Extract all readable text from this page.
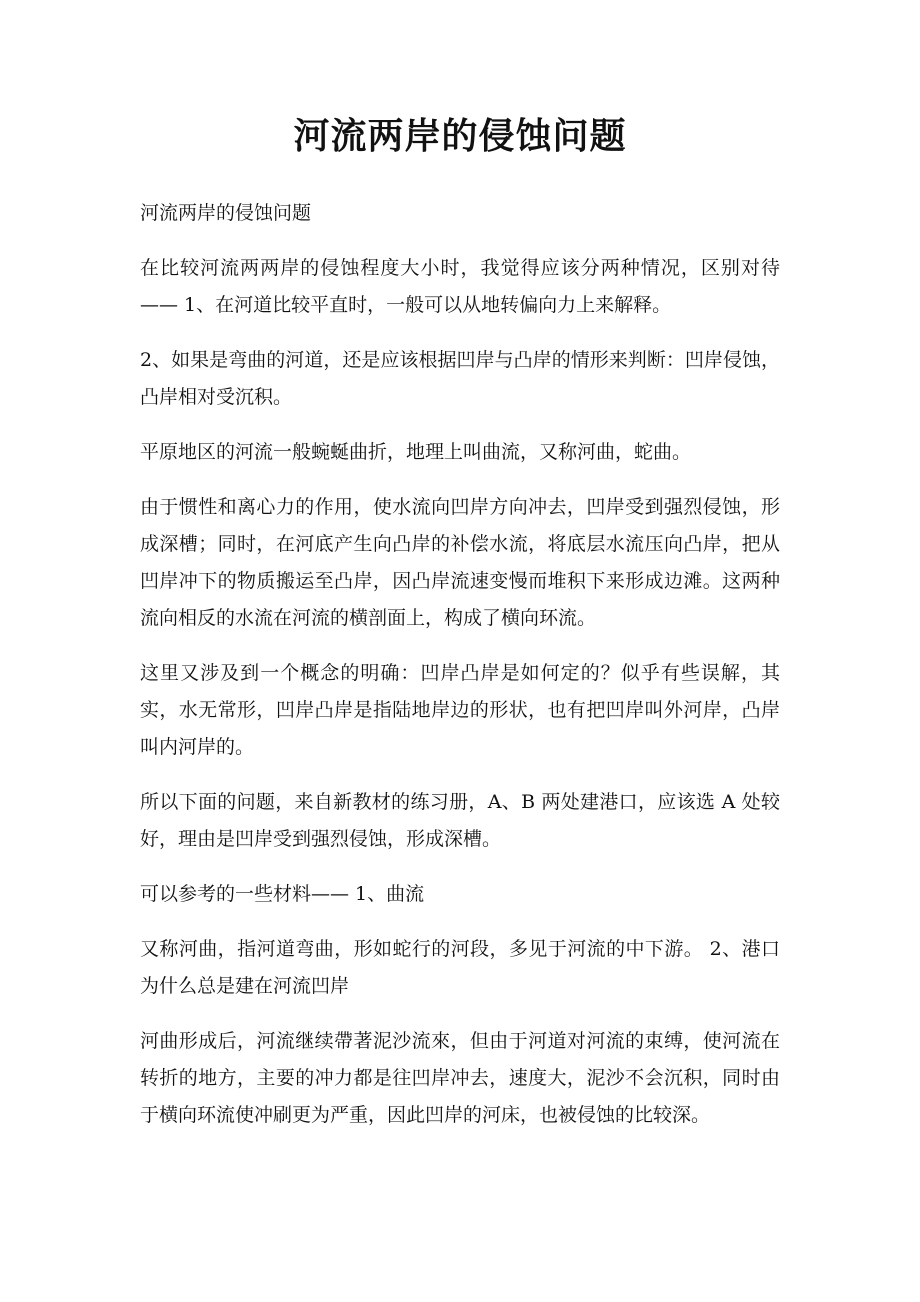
河流两岸的侵蚀问题

河流两岸的侵蚀问题

在比较河流两两岸的侵蚀程度大小时，我觉得应该分两种情况，区别对待—— 1、在河道比较平直时，一般可以从地转偏向力上来解释。

2、如果是弯曲的河道，还是应该根据凹岸与凸岸的情形来判断：凹岸侵蚀，凸岸相对受沉积。

平原地区的河流一般蜿蜒曲折，地理上叫曲流，又称河曲，蛇曲。

由于惯性和离心力的作用，使水流向凹岸方向冲去，凹岸受到强烈侵蚀，形成深槽；同时，在河底产生向凸岸的补偿水流，将底层水流压向凸岸，把从凹岸冲下的物质搬运至凸岸，因凸岸流速变慢而堆积下来形成边滩。这两种流向相反的水流在河流的横剖面上，构成了横向环流。

这里又涉及到一个概念的明确：凹岸凸岸是如何定的？似乎有些误解，其实，水无常形，凹岸凸岸是指陆地岸边的形状，也有把凹岸叫外河岸，凸岸叫内河岸的。

所以下面的问题，来自新教材的练习册，A、B 两处建港口，应该选 A 处较好，理由是凹岸受到强烈侵蚀，形成深槽。

可以参考的一些材料—— 1、曲流

又称河曲，指河道弯曲，形如蛇行的河段，多见于河流的中下游。 2、港口为什么总是建在河流凹岸

河曲形成后，河流继续帶著泥沙流來，但由于河道对河流的束缚，使河流在转折的地方，主要的冲力都是往凹岸冲去，速度大，泥沙不会沉积，同时由于横向环流使冲刷更为严重，因此凹岸的河床，也被侵蚀的比较深。
